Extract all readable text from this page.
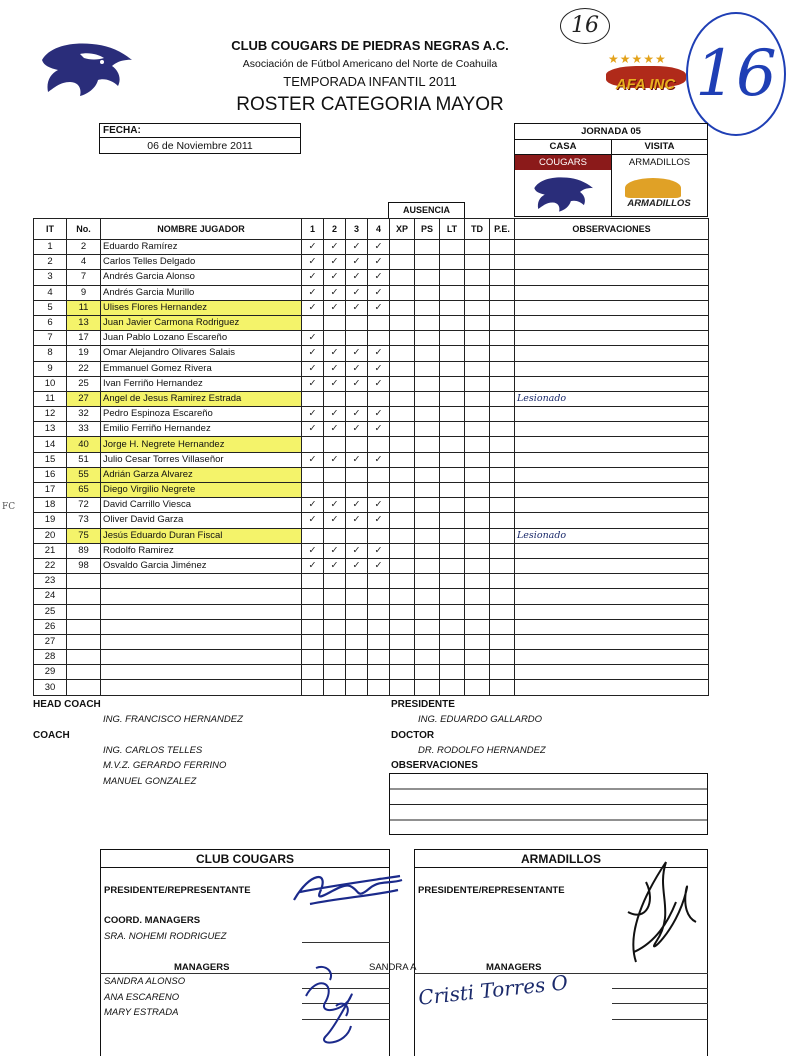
CLUB COUGARS DE PIEDRAS NEGRAS A.C.
Asociación de Fútbol Americano del Norte de Coahuila
TEMPORADA INFANTIL 2011
ROSTER CATEGORIA MAYOR
★★★★★
AFA INC
16
16
FECHA:
06 de Noviembre 2011
JORNADA 05
CASA	VISITA
COUGARS	ARMADILLOS
ARMADILLOS
AUSENCIA
IT	No.	NOMBRE JUGADOR	1	2	3	4	XP	PS	LT	TD	P.E.	OBSERVACIONES
1	2	Eduardo Ramírez	✓	✓	✓	✓						
2	4	Carlos Telles Delgado	✓	✓	✓	✓						
3	7	Andrés Garcia Alonso	✓	✓	✓	✓						
4	9	Andrés Garcia Murillo	✓	✓	✓	✓						
5	11	Ulises Flores Hernandez	✓	✓	✓	✓						
6	13	Juan Javier Carmona Rodriguez										
7	17	Juan Pablo Lozano Escareño	✓									
8	19	Omar Alejandro Olivares Salais	✓	✓	✓	✓						
9	22	Emmanuel Gomez Rivera	✓	✓	✓	✓						
10	25	Ivan Ferriño Hernandez	✓	✓	✓	✓						
11	27	Angel de Jesus Ramirez Estrada										Lesionado
12	32	Pedro Espinoza Escareño	✓	✓	✓	✓						
13	33	Emilio Ferriño Hernandez	✓	✓	✓	✓						
14	40	Jorge H. Negrete Hernandez										
15	51	Julio Cesar Torres Villaseñor	✓	✓	✓	✓						
16	55	Adrián Garza Alvarez										
17	65	Diego Virgilio Negrete										
18	72	David Carrillo Viesca	✓	✓	✓	✓						
19	73	Oliver David Garza	✓	✓	✓	✓						
20	75	Jesús Eduardo Duran Fiscal										Lesionado
21	89	Rodolfo Ramirez	✓	✓	✓	✓						
22	98	Osvaldo Garcia Jiménez	✓	✓	✓	✓						
23												
24												
25												
26												
27												
28												
29												
30												
FC
HEAD COACH
ING. FRANCISCO HERNANDEZ
COACH
ING. CARLOS TELLES
M.V.Z. GERARDO FERRINO
MANUEL GONZALEZ
PRESIDENTE
ING. EDUARDO GALLARDO
DOCTOR
DR. RODOLFO HERNANDEZ
OBSERVACIONES
CLUB COUGARS
PRESIDENTE/REPRESENTANTE
COORD. MANAGERS
SRA. NOHEMI RODRIGUEZ
MANAGERS
SANDRA ALONSO
ANA ESCARENO
MARY ESTRADA
ARMADILLOS
PRESIDENTE/REPRESENTANTE
MANAGERS
SANDRA A
Cristi Torres O
